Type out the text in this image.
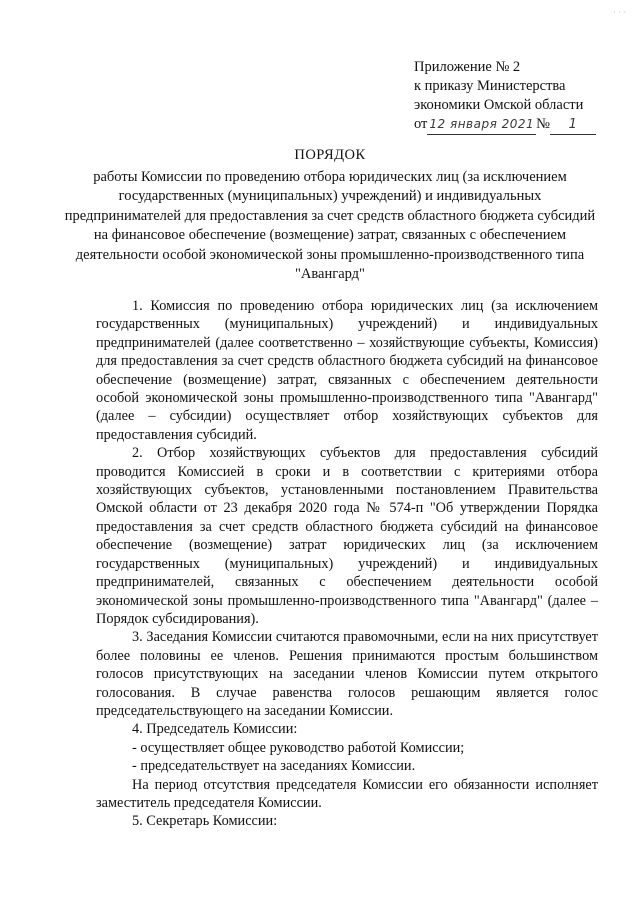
· · ·
Приложение № 2
к приказу Министерства
экономики Омской области
от 12 января 2021 №	1
ПОРЯДОК
работы Комиссии по проведению отбора юридических лиц (за исключением государственных (муниципальных) учреждений) и индивидуальных предпринимателей для предоставления за счет средств областного бюджета субсидий на финансовое обеспечение (возмещение) затрат, связанных с обеспечением деятельности особой экономической зоны промышленно-производственного типа "Авангард"

1. Комиссия по проведению отбора юридических лиц (за исключением государственных (муниципальных) учреждений) и индивидуальных предпринимателей (далее соответственно – хозяйствующие субъекты, Комиссия) для предоставления за счет средств областного бюджета субсидий на финансовое обеспечение (возмещение) затрат, связанных с обеспечением деятельности особой экономической зоны промышленно-производственного типа "Авангард" (далее – субсидии) осуществляет отбор хозяйствующих субъектов для предоставления субсидий.

2. Отбор хозяйствующих субъектов для предоставления субсидий проводится Комиссией в сроки и в соответствии с критериями отбора хозяйствующих субъектов, установленными постановлением Правительства Омской области от 23 декабря 2020 года № 574-п "Об утверждении Порядка предоставления за счет средств областного бюджета субсидий на финансовое обеспечение (возмещение) затрат юридических лиц (за исключением государственных (муниципальных) учреждений) и индивидуальных предпринимателей, связанных с обеспечением деятельности особой экономической зоны промышленно-производственного типа "Авангард" (далее – Порядок субсидирования).

3. Заседания Комиссии считаются правомочными, если на них присутствует более половины ее членов. Решения принимаются простым большинством голосов присутствующих на заседании членов Комиссии путем открытого голосования. В случае равенства голосов решающим является голос председательствующего на заседании Комиссии.

4. Председатель Комиссии:

- осуществляет общее руководство работой Комиссии;

- председательствует на заседаниях Комиссии.

На период отсутствия председателя Комиссии его обязанности исполняет заместитель председателя Комиссии.

5. Секретарь Комиссии:
